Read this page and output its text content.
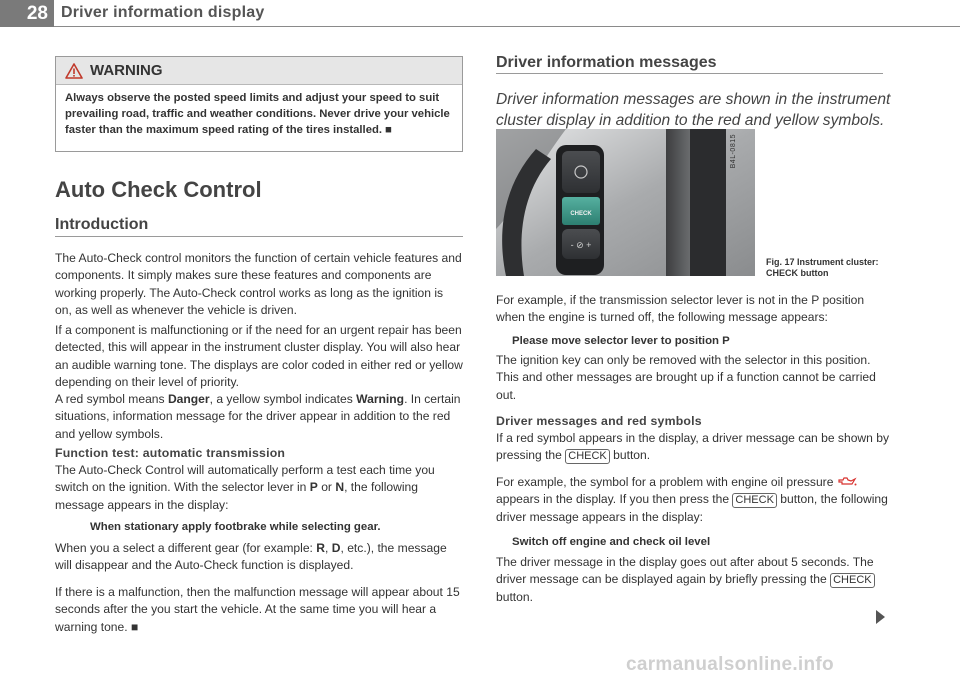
28 Driver information display
WARNING
Always observe the posted speed limits and adjust your speed to suit prevailing road, traffic and weather conditions. Never drive your vehicle faster than the maximum speed rating of the tires installed. ■
Auto Check Control
Introduction
The Auto-Check control monitors the function of certain vehicle features and components. It simply makes sure these features and components are working properly. The Auto-Check control works as long as the ignition is on, as well as whenever the vehicle is driven.
If a component is malfunctioning or if the need for an urgent repair has been detected, this will appear in the instrument cluster display. You will also hear an audible warning tone. The displays are color coded in either red or yellow depending on their level of priority.
A red symbol means Danger, a yellow symbol indicates Warning. In certain situations, information message for the driver appear in addition to the red and yellow symbols.
Function test: automatic transmission
The Auto-Check Control will automatically perform a test each time you switch on the ignition. With the selector lever in P or N, the following message appears in the display:
When stationary apply footbrake while selecting gear.
When you a select a different gear (for example: R, D, etc.), the message will disappear and the Auto-Check function is displayed.
If there is a malfunction, then the malfunction message will appear about 15 seconds after the you start the vehicle. At the same time you will hear a warning tone. ■
Driver information messages
Driver information messages are shown in the instrument cluster display in addition to the red and yellow symbols.
CHECK
- ⊘ +
B4L-0815
Fig. 17 Instrument cluster: CHECK button
For example, if the transmission selector lever is not in the P position when the engine is turned off, the following message appears:
Please move selector lever to position P
The ignition key can only be removed with the selector in this position. This and other messages are brought up if a function cannot be carried out.
Driver messages and red symbols
If a red symbol appears in the display, a driver message can be shown by pressing the CHECK button.
For example, the symbol for a problem with engine oil pressure  appears in the display. If you then press the CHECK button, the following driver message appears in the display:
Switch off engine and check oil level
The driver message in the display goes out after about 5 seconds. The driver message can be displayed again by briefly pressing the CHECK button.
carmanualsonline.info
